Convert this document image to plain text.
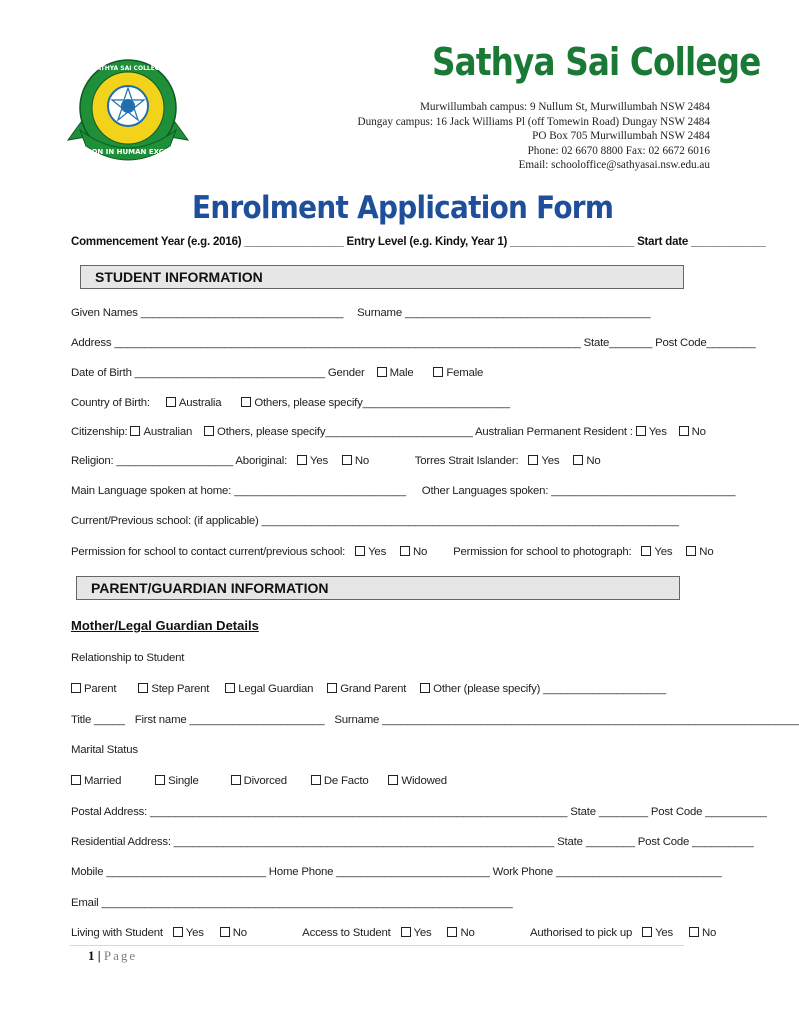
EDUCATION IN HUMAN EXCELLENCE
SATHYA SAI COLLEGE	Sathya Sai College
Murwillumbah campus: 9 Nullum St, Murwillumbah NSW 2484
Dungay campus: 16 Jack Williams Pl (off Tomewin Road) Dungay NSW 2484
PO Box 705 Murwillumbah NSW 2484
Phone: 02 6670 8800 Fax: 02 6672 6016
Email: schooloffice@sathyasai.nsw.edu.au
Enrolment Application Form
Commencement Year (e.g. 2016) ________________ Entry Level (e.g. Kindy, Year 1) ____________________ Start date ____________
STUDENT INFORMATION
Given Names _________________________________ Surname ________________________________________
Address ____________________________________________________________________________ State_______ Post Code________
Date of Birth _______________________________ Gender Male	Female
Country of Birth:	Australia	Others, please specify________________________
Citizenship: Australian Others, please specify________________________ Australian Permanent Resident : Yes No
Religion: ___________________ Aboriginal: Yes No	Torres Strait Islander: Yes No
Main Language spoken at home: ____________________________ Other Languages spoken: ______________________________
Current/Previous school: (if applicable) ____________________________________________________________________
Permission for school to contact current/previous school: Yes No Permission for school to photograph: Yes No
PARENT/GUARDIAN INFORMATION
Mother/Legal Guardian Details
Relationship to Student
Parent	Step Parent	Legal Guardian Grand Parent Other (please specify) ____________________
Title _____ First name ______________________ Surname ____________________________________________________________________
Marital Status
Married	Single	Divorced	De Facto	Widowed
Postal Address: ____________________________________________________________________ State ________ Post Code __________
Residential Address: ______________________________________________________________ State ________ Post Code __________
Mobile __________________________ Home Phone _________________________ Work Phone ___________________________
Email ___________________________________________________________________
Living with Student Yes	No	Access to Student Yes	No	Authorised to pick up Yes	No
1 | Page
